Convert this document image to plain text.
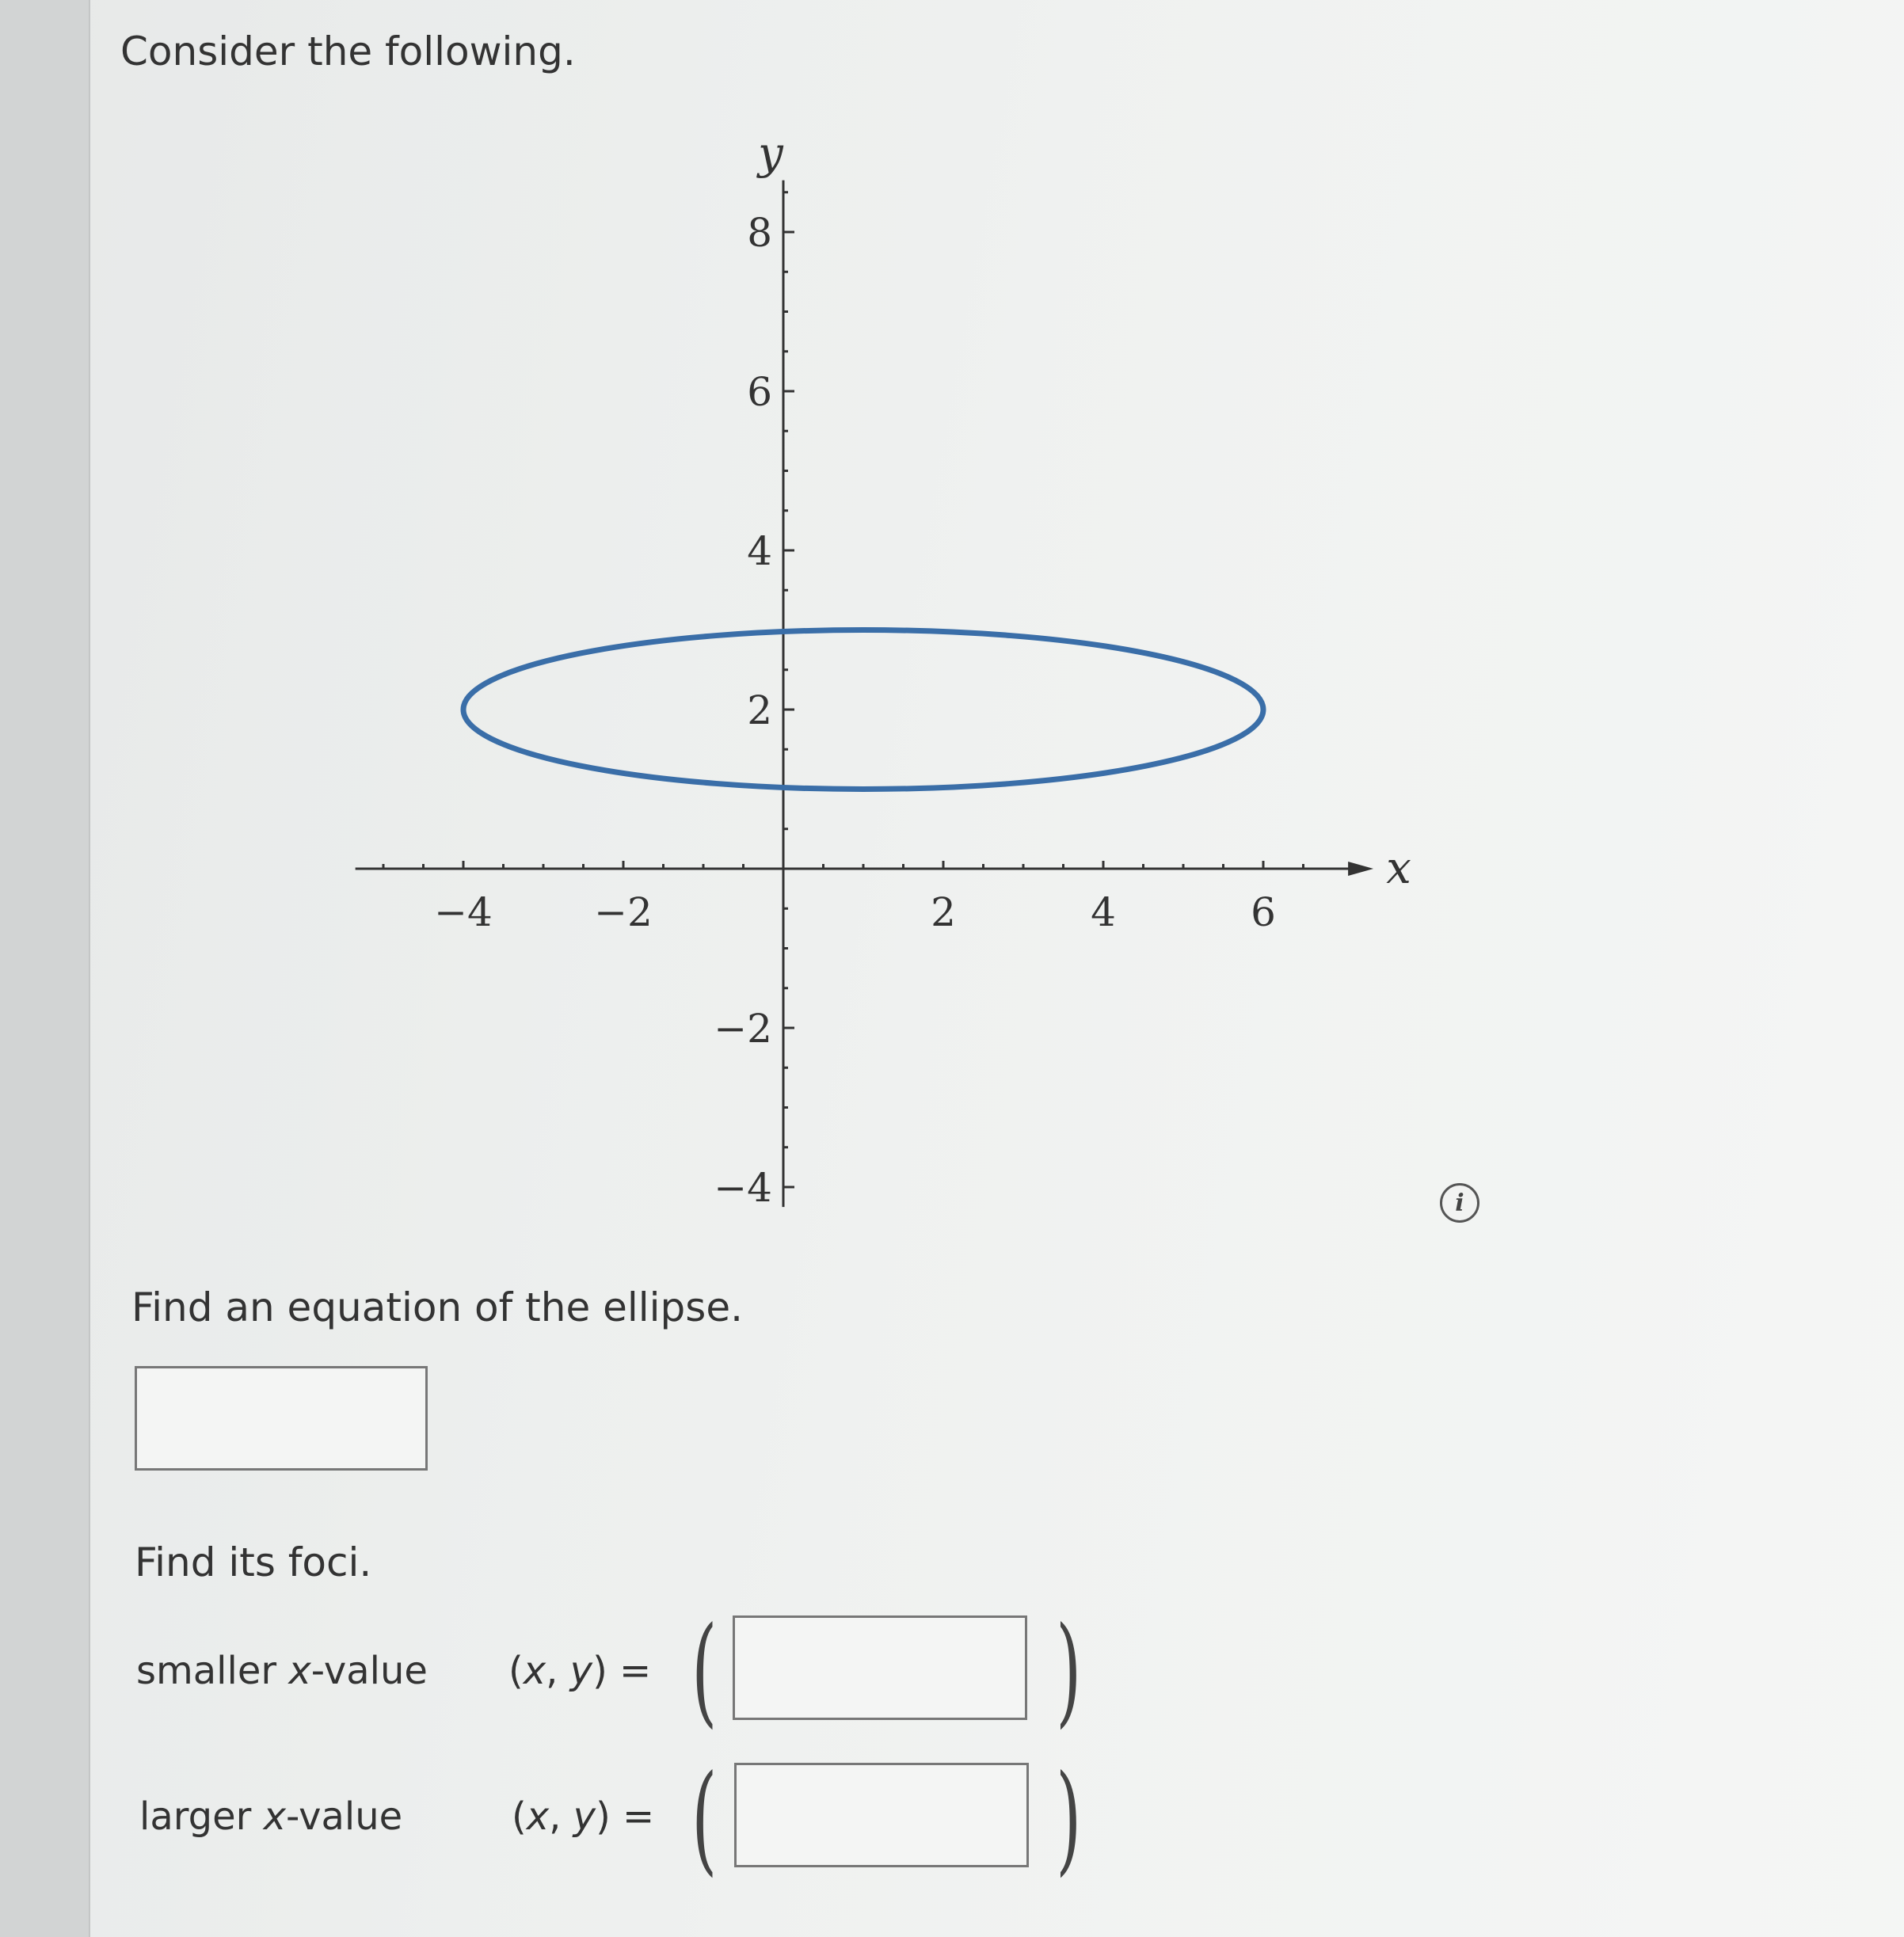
Consider the following.
−4	−2	2	4	6
−4
−2
2
4
6
8
x
y
i
Find an equation of the ellipse.
Find its foci.
smaller x-value (x, y) = (	)
larger x-value	(x, y) = (	)
